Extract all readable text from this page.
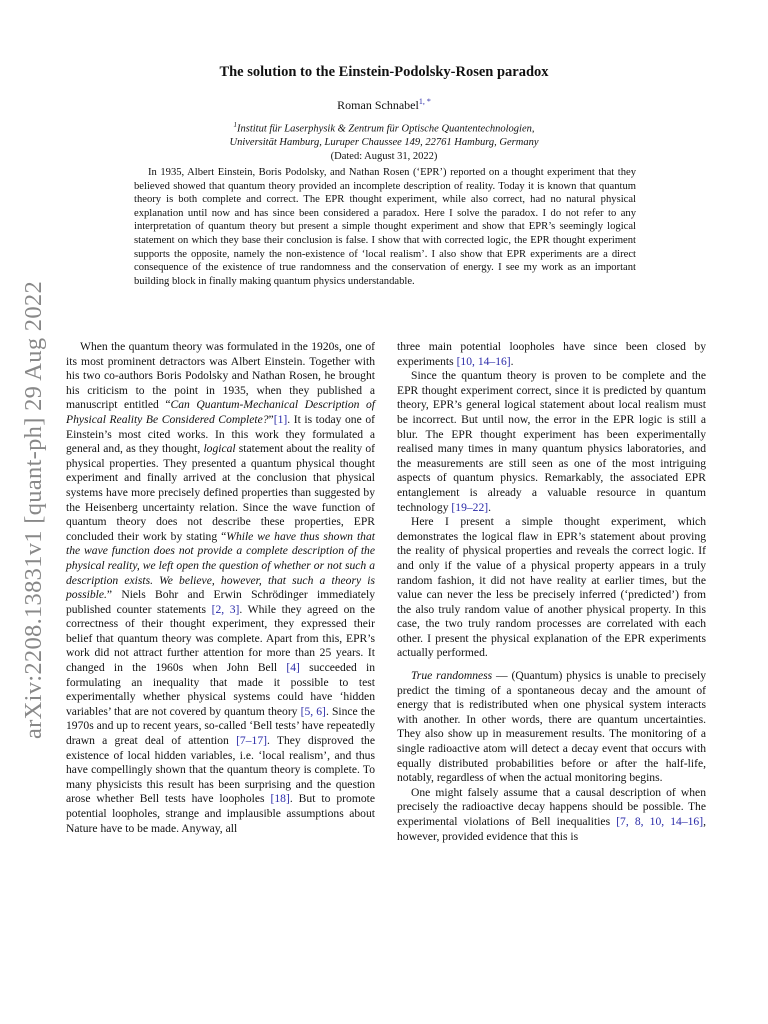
arXiv:2208.13831v1 [quant-ph] 29 Aug 2022
The solution to the Einstein-Podolsky-Rosen paradox
Roman Schnabel$^{1, *}$
$^1$Institut für Laserphysik & Zentrum für Optische Quantentechnologien,
Universität Hamburg, Luruper Chaussee 149, 22761 Hamburg, Germany
(Dated: August 31, 2022)

In 1935, Albert Einstein, Boris Podolsky, and Nathan Rosen (‘EPR’) reported on a thought experiment that they believed showed that quantum theory provided an incomplete description of reality. Today it is known that quantum theory is both complete and correct. The EPR thought experiment, while also correct, had no natural physical explanation until now and has since been considered a paradox. Here I solve the paradox. I do not refer to any interpretation of quantum theory but present a simple thought experiment and show that EPR’s seemingly logical statement on which they base their conclusion is false. I show that with corrected logic, the EPR thought experiment supports the opposite, namely the non-existence of ‘local realism’. I also show that EPR experiments are a direct consequence of the existence of true randomness and the conservation of energy. I see my work as an important building block in finally making quantum physics understandable.

When the quantum theory was formulated in the 1920s, one of its most prominent detractors was Albert Einstein. Together with his two co-authors Boris Podolsky and Nathan Rosen, he brought his criticism to the point in 1935, when they published a manuscript entitled “Can Quantum-Mechanical Description of Physical Reality Be Considered Complete?”[1]. It is today one of Einstein’s most cited works. In this work they formulated a general and, as they thought, logical statement about the reality of physical properties. They presented a quantum physical thought experiment and finally arrived at the conclusion that physical systems have more precisely defined properties than suggested by the Heisenberg uncertainty relation. Since the wave function of quantum theory does not describe these properties, EPR concluded their work by stating “While we have thus shown that the wave function does not provide a complete description of the physical reality, we left open the question of whether or not such a description exists. We believe, however, that such a theory is possible.” Niels Bohr and Erwin Schrödinger immediately published counter statements [2, 3]. While they agreed on the correctness of their thought experiment, they expressed their belief that quantum theory was complete. Apart from this, EPR’s work did not attract further attention for more than 25 years. It changed in the 1960s when John Bell [4] succeeded in formulating an inequality that made it possible to test experimentally whether physical systems could have ‘hidden variables’ that are not covered by quantum theory [5, 6]. Since the 1970s and up to recent years, so-called ‘Bell tests’ have repeatedly drawn a great deal of attention [7–17]. They disproved the existence of local hidden variables, i.e. ‘local realism’, and thus have compellingly shown that the quantum theory is complete. To many physicists this result has been surprising and the question arose whether Bell tests have loopholes [18]. But to promote potential loopholes, strange and implausible assumptions about Nature have to be made. Anyway, all

three main potential loopholes have since been closed by experiments [10, 14–16].

Since the quantum theory is proven to be complete and the EPR thought experiment correct, since it is predicted by quantum theory, EPR’s general logical statement about local realism must be incorrect. But until now, the error in the EPR logic is still a blur. The EPR thought experiment has been experimentally realised many times in many quantum physics laboratories, and the measurements are still seen as one of the most intriguing aspects of quantum physics. Remarkably, the associated EPR entanglement is already a valuable resource in quantum technology [19–22].

Here I present a simple thought experiment, which demonstrates the logical flaw in EPR’s statement about proving the reality of physical properties and reveals the correct logic. If and only if the value of a physical property appears in a truly random fashion, it did not have reality at earlier times, but the value can never the less be precisely inferred (‘predicted’) from the also truly random value of another physical property. In this case, the two truly random processes are correlated with each other. I present the physical explanation of the EPR experiments actually performed.

True randomness — (Quantum) physics is unable to precisely predict the timing of a spontaneous decay and the amount of energy that is redistributed when one physical system interacts with another. In other words, there are quantum uncertainties. They also show up in measurement results. The monitoring of a single radioactive atom will detect a decay event that occurs with equally distributed probabilities before or after the half-life, notably, regardless of when the actual monitoring begins.

One might falsely assume that a causal description of when precisely the radioactive decay happens should be possible. The experimental violations of Bell inequalities [7, 8, 10, 14–16], however, provided evidence that this is
